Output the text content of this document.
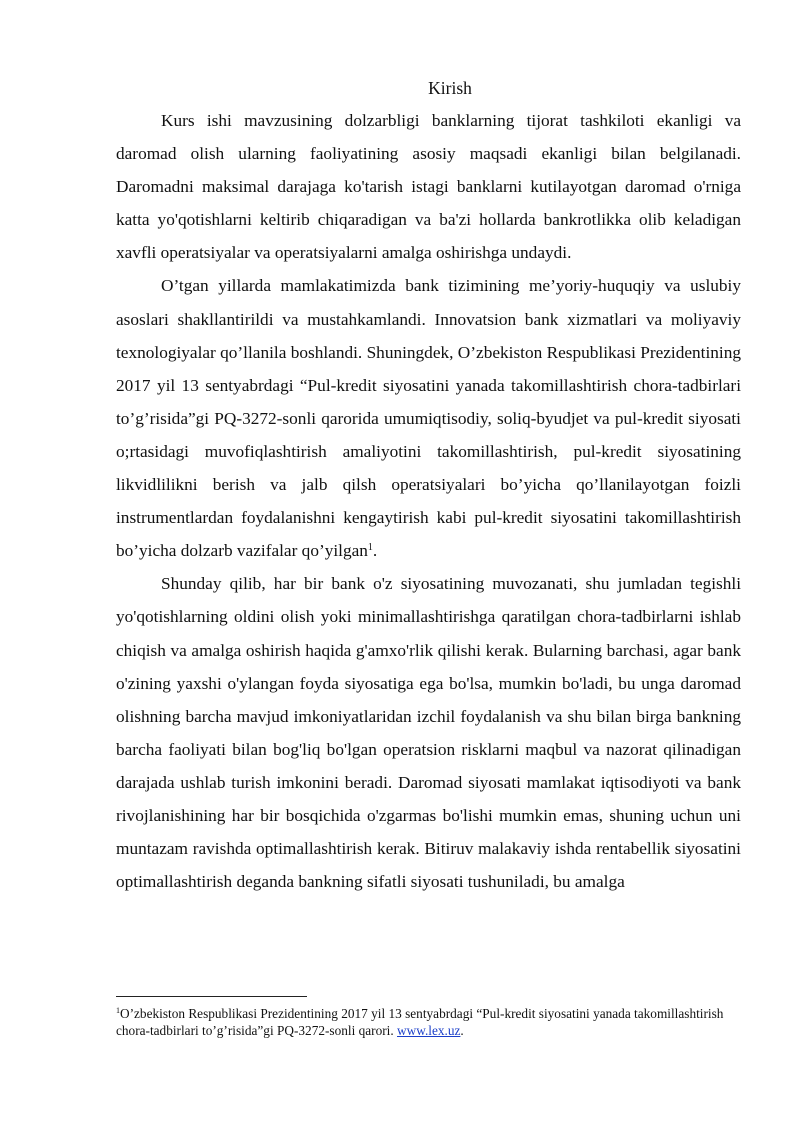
Kirish

Kurs ishi mavzusining dolzarbligi banklarning tijorat tashkiloti ekanligi va daromad olish ularning faoliyatining asosiy maqsadi ekanligi bilan belgilanadi. Daromadni maksimal darajaga ko'tarish istagi banklarni kutilayotgan daromad o'rniga katta yo'qotishlarni keltirib chiqaradigan va ba'zi hollarda bankrotlikka olib keladigan xavfli operatsiyalar va operatsiyalarni amalga oshirishga undaydi.

O’tgan yillarda mamlakatimizda bank tizimining me’yoriy-huquqiy va uslubiy asoslari shakllantirildi va mustahkamlandi. Innovatsion bank xizmatlari va moliyaviy texnologiyalar qo’llanila boshlandi. Shuningdek, O’zbekiston Respublikasi Prezidentining 2017 yil 13 sentyabrdagi “Pul-kredit siyosatini yanada takomillashtirish chora-tadbirlari to’g’risida”gi PQ-3272-sonli qarorida umumiqtisodiy, soliq-byudjet va pul-kredit siyosati o;rtasidagi muvofiqlashtirish amaliyotini takomillashtirish, pul-kredit siyosatining likvidlilikni berish va jalb qilsh operatsiyalari bo’yicha qo’llanilayotgan foizli instrumentlardan foydalanishni kengaytirish kabi pul-kredit siyosatini takomillashtirish bo’yicha dolzarb vazifalar qo’yilgan$^1$.

Shunday qilib, har bir bank o'z siyosatining muvozanati, shu jumladan tegishli yo'qotishlarning oldini olish yoki minimallashtirishga qaratilgan chora-tadbirlarni ishlab chiqish va amalga oshirish haqida g'amxo'rlik qilishi kerak. Bularning barchasi, agar bank o'zining yaxshi o'ylangan foyda siyosatiga ega bo'lsa, mumkin bo'ladi, bu unga daromad olishning barcha mavjud imkoniyatlaridan izchil foydalanish va shu bilan birga bankning barcha faoliyati bilan bog'liq bo'lgan operatsion risklarni maqbul va nazorat qilinadigan darajada ushlab turish imkonini beradi. Daromad siyosati mamlakat iqtisodiyoti va bank rivojlanishining har bir bosqichida o'zgarmas bo'lishi mumkin emas, shuning uchun uni muntazam ravishda optimallashtirish kerak. Bitiruv malakaviy ishda rentabellik siyosatini optimallashtirish deganda bankning sifatli siyosati tushuniladi, bu amalga

$^1$O’zbekiston Respublikasi Prezidentining 2017 yil 13 sentyabrdagi “Pul-kredit siyosatini yanada takomillashtirish chora-tadbirlari to’g’risida”gi PQ-3272-sonli qarori. www.lex.uz.
